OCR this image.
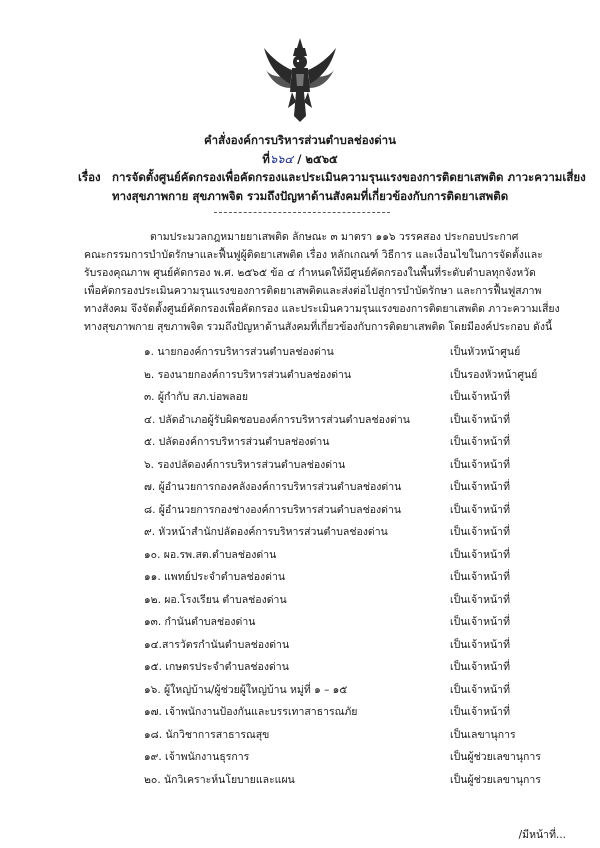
คำสั่งองค์การบริหารส่วนตำบลช่องด่าน
ที่๖๖๔ / ๒๕๖๕
เรื่อง การจัดตั้งศูนย์คัดกรองเพื่อคัดกรองและประเมินความรุนแรงของการติดยาเสพติด ภาวะความเสี่ยง
ทางสุขภาพกาย สุขภาพจิต รวมถึงปัญหาด้านสังคมที่เกี่ยวข้องกับการติดยาเสพติด
ตามประมวลกฎหมายยาเสพติด ลักษณะ ๓ มาตรา ๑๑๖ วรรคสอง ประกอบประกาศ
คณะกรรมการบำบัดรักษาและฟื้นฟูผู้ติดยาเสพติด เรื่อง หลักเกณฑ์ วิธีการ และเงื่อนไขในการจัดตั้งและ
รับรองคุณภาพ ศูนย์คัดกรอง พ.ศ. ๒๕๖๕ ข้อ ๔ กำหนดให้มีศูนย์คัดกรองในพื้นที่ระดับตำบลทุกจังหวัด
เพื่อคัดกรองประเมินความรุนแรงของการติดยาเสพติดและส่งต่อไปสู่การบำบัดรักษา และการฟื้นฟูสภาพ
ทางสังคม จึงจัดตั้งศูนย์คัดกรองเพื่อคัดกรอง และประเมินความรุนแรงของการติดยาเสพติด ภาวะความเสี่ยง
ทางสุขภาพกาย สุขภาพจิต รวมถึงปัญหาด้านสังคมที่เกี่ยวข้องกับการติดยาเสพติด โดยมีองค์ประกอบ ดังนี้
๑. นายกองค์การบริหารส่วนตำบลช่องด่าน	เป็นหัวหน้าศูนย์
๒. รองนายกองค์การบริหารส่วนตำบลช่องด่าน	เป็นรองหัวหน้าศูนย์
๓. ผู้กำกับ สภ.บ่อพลอย	เป็นเจ้าหน้าที่
๔. ปลัดอำเภอผู้รับผิดชอบองค์การบริหารส่วนตำบลช่องด่าน	เป็นเจ้าหน้าที่
๕. ปลัดองค์การบริหารส่วนตำบลช่องด่าน	เป็นเจ้าหน้าที่
๖. รองปลัดองค์การบริหารส่วนตำบลช่องด่าน	เป็นเจ้าหน้าที่
๗. ผู้อำนวยการกองคลังองค์การบริหารส่วนตำบลช่องด่าน	เป็นเจ้าหน้าที่
๘. ผู้อำนวยการกองช่างองค์การบริหารส่วนตำบลช่องด่าน	เป็นเจ้าหน้าที่
๙. หัวหน้าสำนักปลัดองค์การบริหารส่วนตำบลช่องด่าน	เป็นเจ้าหน้าที่
๑๐. ผอ.รพ.สต.ตำบลช่องด่าน	เป็นเจ้าหน้าที่
๑๑. แพทย์ประจำตำบลช่องด่าน	เป็นเจ้าหน้าที่
๑๒. ผอ.โรงเรียน ตำบลช่องด่าน	เป็นเจ้าหน้าที่
๑๓. กำนันตำบลช่องด่าน	เป็นเจ้าหน้าที่
๑๔.สารวัตรกำนันตำบลช่องด่าน	เป็นเจ้าหน้าที่
๑๕. เกษตรประจำตำบลช่องด่าน	เป็นเจ้าหน้าที่
๑๖. ผู้ใหญ่บ้าน/ผู้ช่วยผู้ใหญ่บ้าน หมู่ที่ ๑ – ๑๕	เป็นเจ้าหน้าที่
๑๗. เจ้าพนักงานป้องกันและบรรเทาสาธารณภัย	เป็นเจ้าหน้าที่
๑๘. นักวิชาการสาธารณสุข	เป็นเลขานุการ
๑๙. เจ้าพนักงานธุรการ	เป็นผู้ช่วยเลขานุการ
๒๐. นักวิเคราะห์นโยบายและแผน	เป็นผู้ช่วยเลขานุการ
/มีหน้าที่...
